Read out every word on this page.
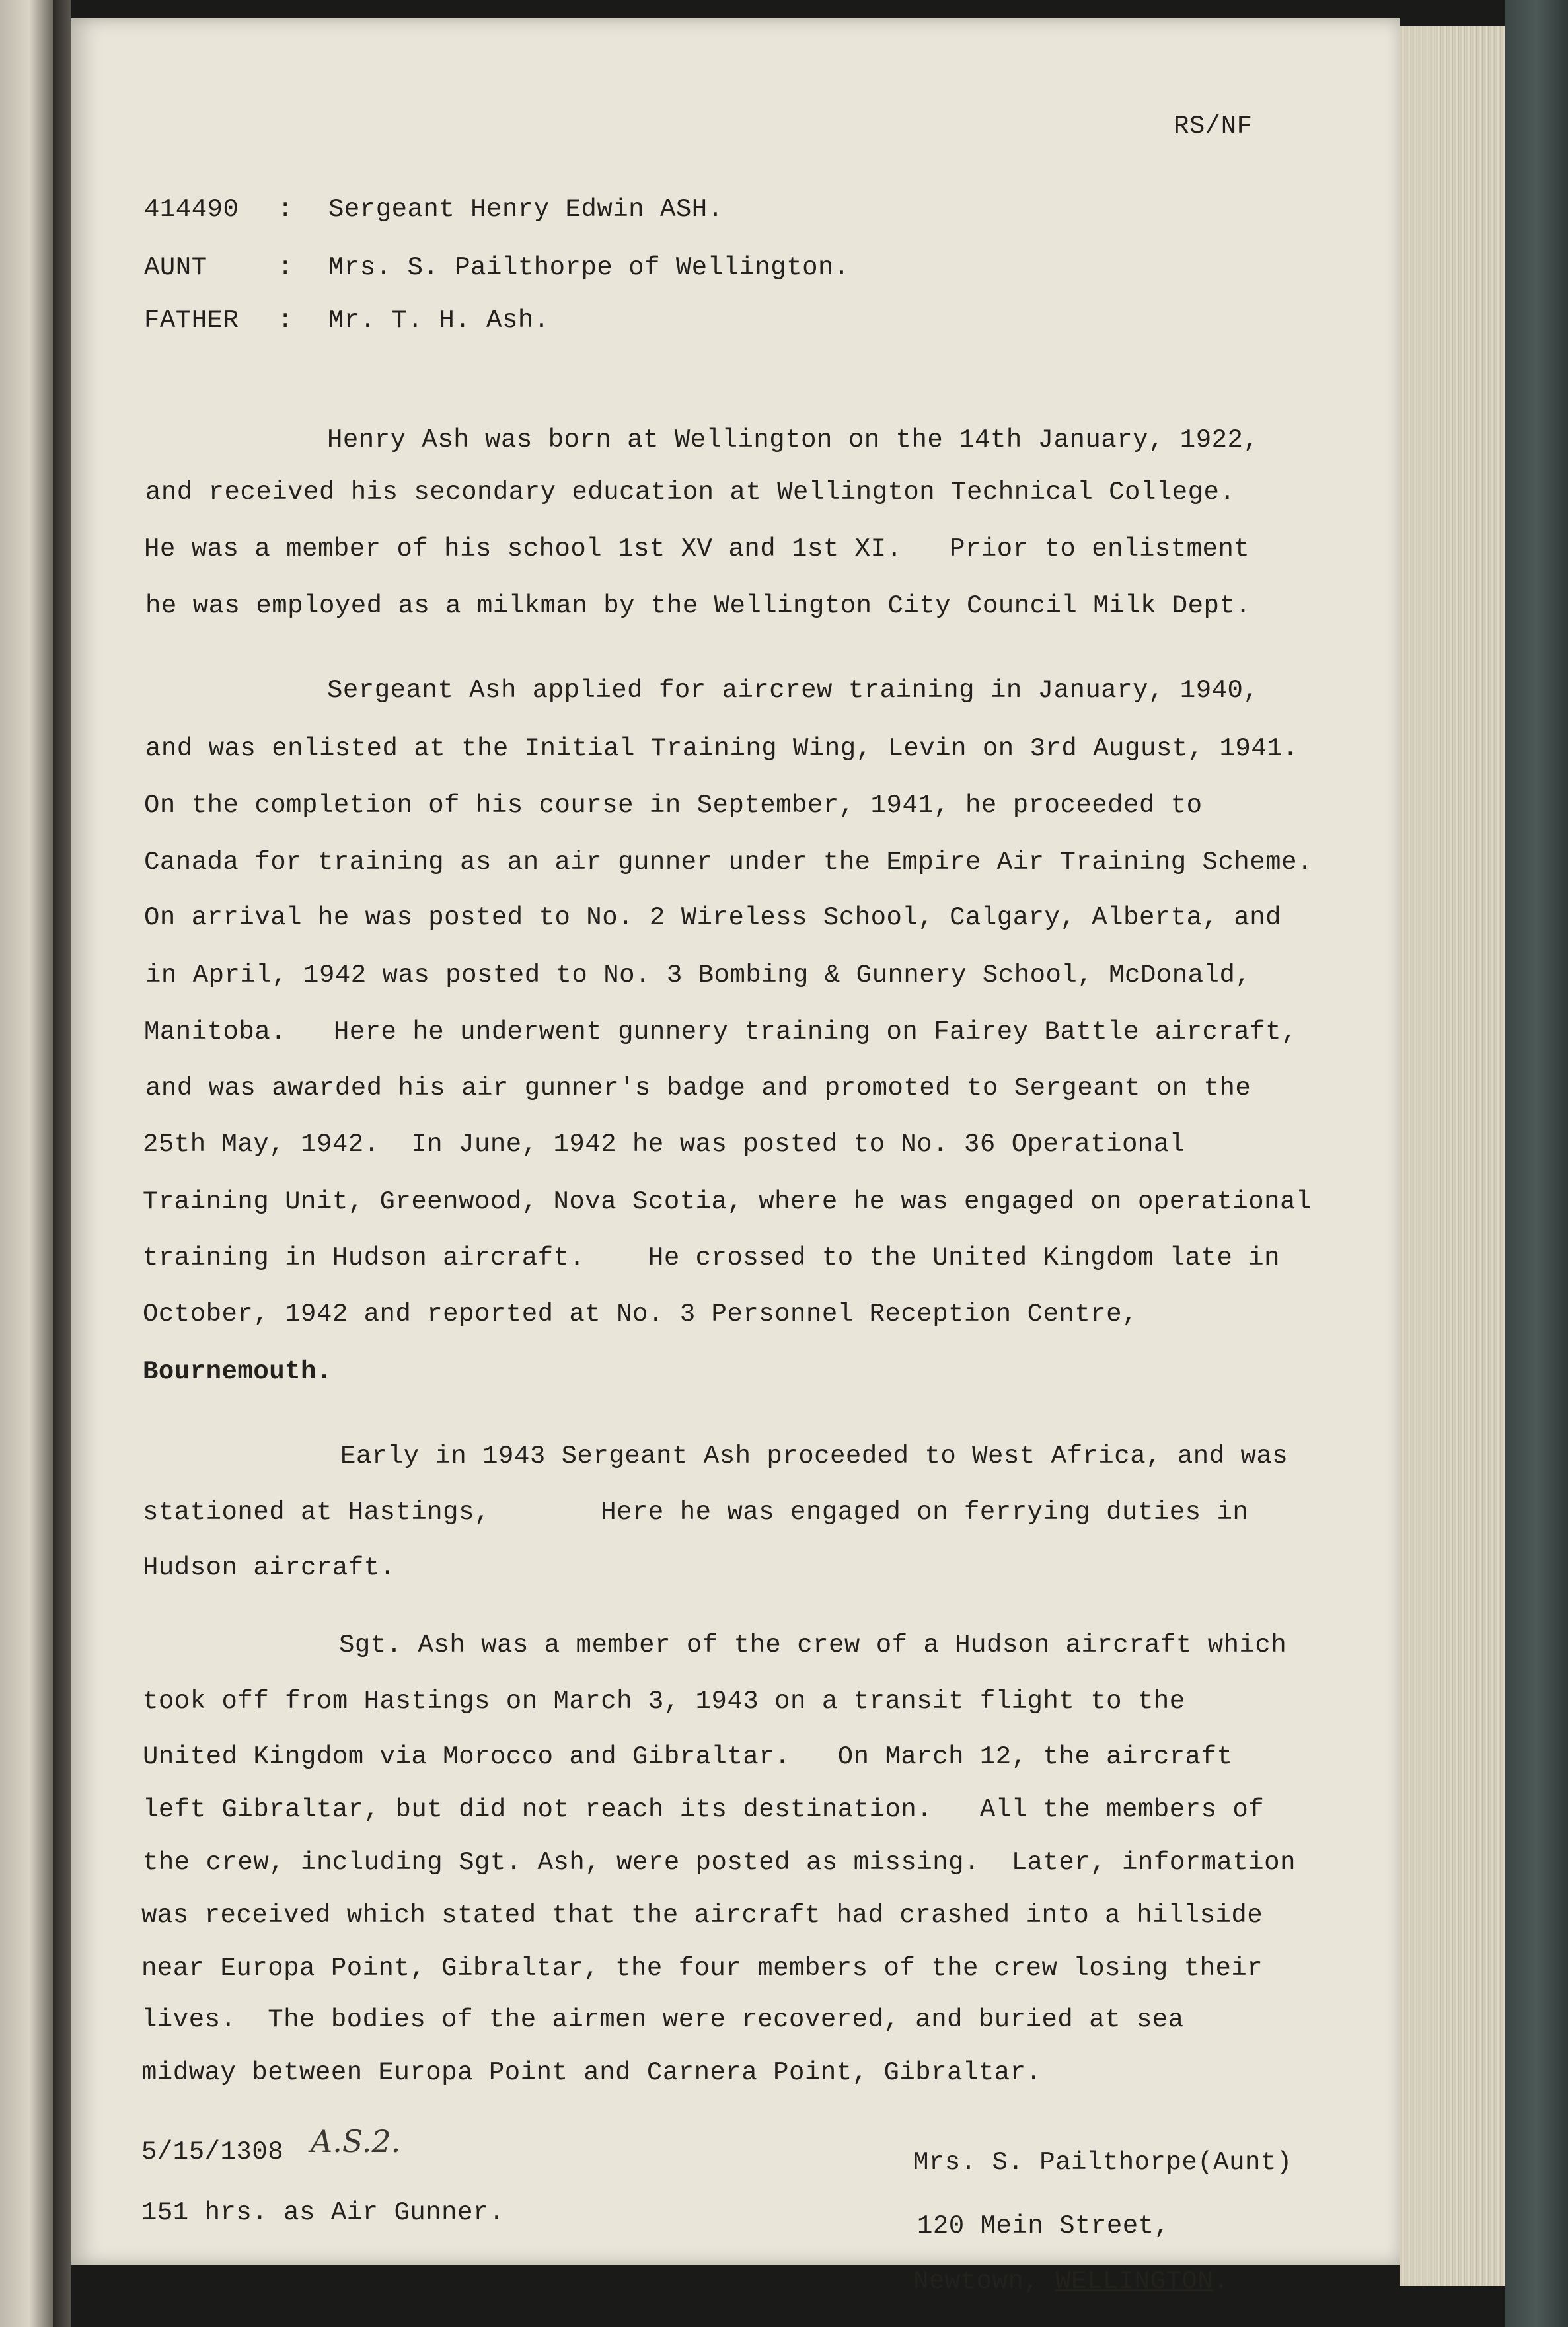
RS/NF
414490 : Sergeant Henry Edwin ASH.
AUNT	: Mrs. S. Pailthorpe of Wellington.
FATHER : Mr. T. H. Ash.
Henry Ash was born at Wellington on the 14th January, 1922,
and received his secondary education at Wellington Technical College.
He was a member of his school 1st XV and 1st XI.   Prior to enlistment
he was employed as a milkman by the Wellington City Council Milk Dept.
Sergeant Ash applied for aircrew training in January, 1940,
and was enlisted at the Initial Training Wing, Levin on 3rd August, 1941.
On the completion of his course in September, 1941, he proceeded to
Canada for training as an air gunner under the Empire Air Training Scheme.
On arrival he was posted to No. 2 Wireless School, Calgary, Alberta, and
in April, 1942 was posted to No. 3 Bombing & Gunnery School, McDonald,
Manitoba.   Here he underwent gunnery training on Fairey Battle aircraft,
and was awarded his air gunner's badge and promoted to Sergeant on the
25th May, 1942.  In June, 1942 he was posted to No. 36 Operational
Training Unit, Greenwood, Nova Scotia, where he was engaged on operational
training in Hudson aircraft.    He crossed to the United Kingdom late in
October, 1942 and reported at No. 3 Personnel Reception Centre,
Bournemouth.
Early in 1943 Sergeant Ash proceeded to West Africa, and was
stationed at Hastings,       Here he was engaged on ferrying duties in
Hudson aircraft.
Sgt. Ash was a member of the crew of a Hudson aircraft which
took off from Hastings on March 3, 1943 on a transit flight to the
United Kingdom via Morocco and Gibraltar.   On March 12, the aircraft
left Gibraltar, but did not reach its destination.   All the members of
the crew, including Sgt. Ash, were posted as missing.  Later, information
was received which stated that the aircraft had crashed into a hillside
near Europa Point, Gibraltar, the four members of the crew losing their
lives.  The bodies of the airmen were recovered, and buried at sea
midway between Europa Point and Carnera Point, Gibraltar.
5/15/1308 A.S.2.
151 hrs. as Air Gunner.
Mrs. S. Pailthorpe(Aunt)
120 Mein Street,
Newtown, WELLINGTON.
